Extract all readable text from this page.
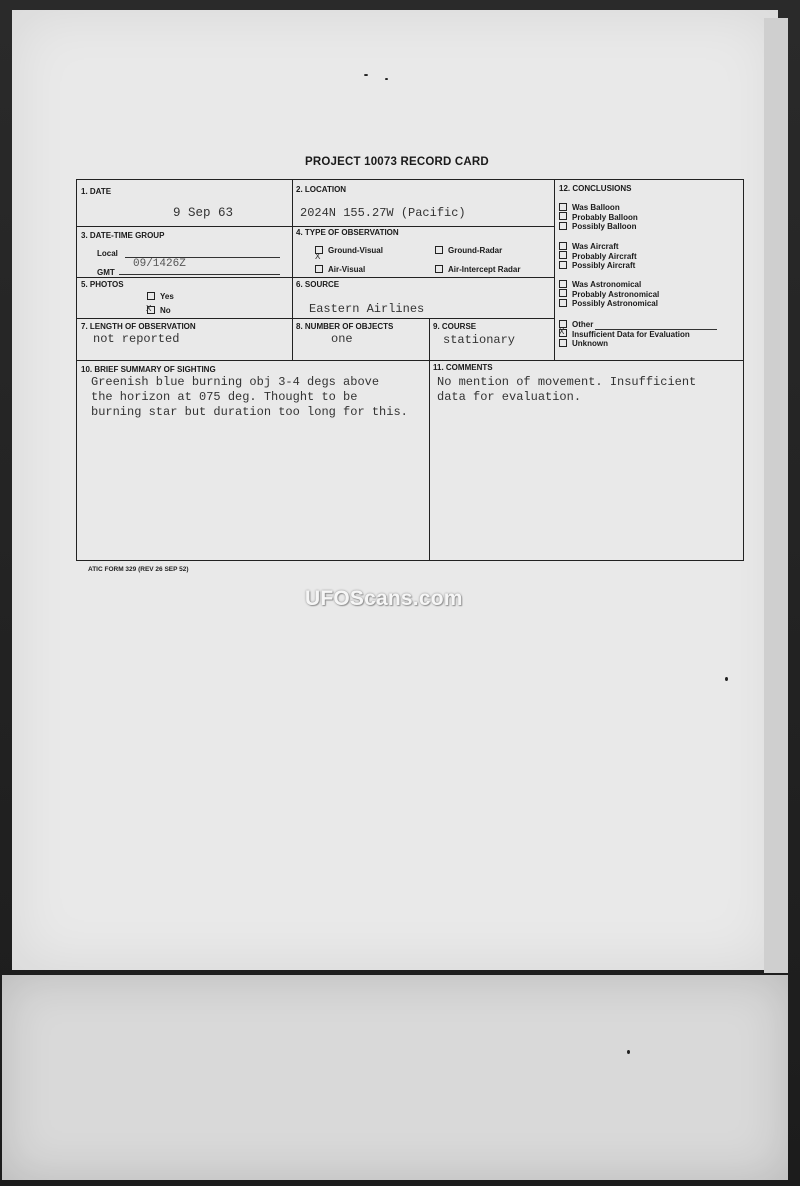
PROJECT 10073 RECORD CARD
1. DATE
9 Sep 63
2. LOCATION
2024N 155.27W (Pacific)
3. DATE-TIME GROUP
Local
GMT
09/1426Z
4. TYPE OF OBSERVATION
Ground-Visual	Ground-Radar
Air-Visual
X
Air-Intercept Radar
5. PHOTOS
Yes
No
X
6. SOURCE
Eastern Airlines
7. LENGTH OF OBSERVATION
not reported
8. NUMBER OF OBJECTS
one
9. COURSE
stationary
10. BRIEF SUMMARY OF SIGHTING
Greenish blue burning obj 3-4 degs above
the horizon at 075 deg. Thought to be
burning star but duration too long for this.
11. COMMENTS
No mention of movement. Insufficient
data for evaluation.
12. CONCLUSIONS
Was Balloon
Probably Balloon
Possibly Balloon
Was Aircraft
Probably Aircraft
Possibly Aircraft
Was Astronomical
Probably Astronomical
Possibly Astronomical
Other
Insufficient Data for Evaluation
Unknown
X
ATIC FORM 329 (REV 26 SEP 52)
UFOScans.com
